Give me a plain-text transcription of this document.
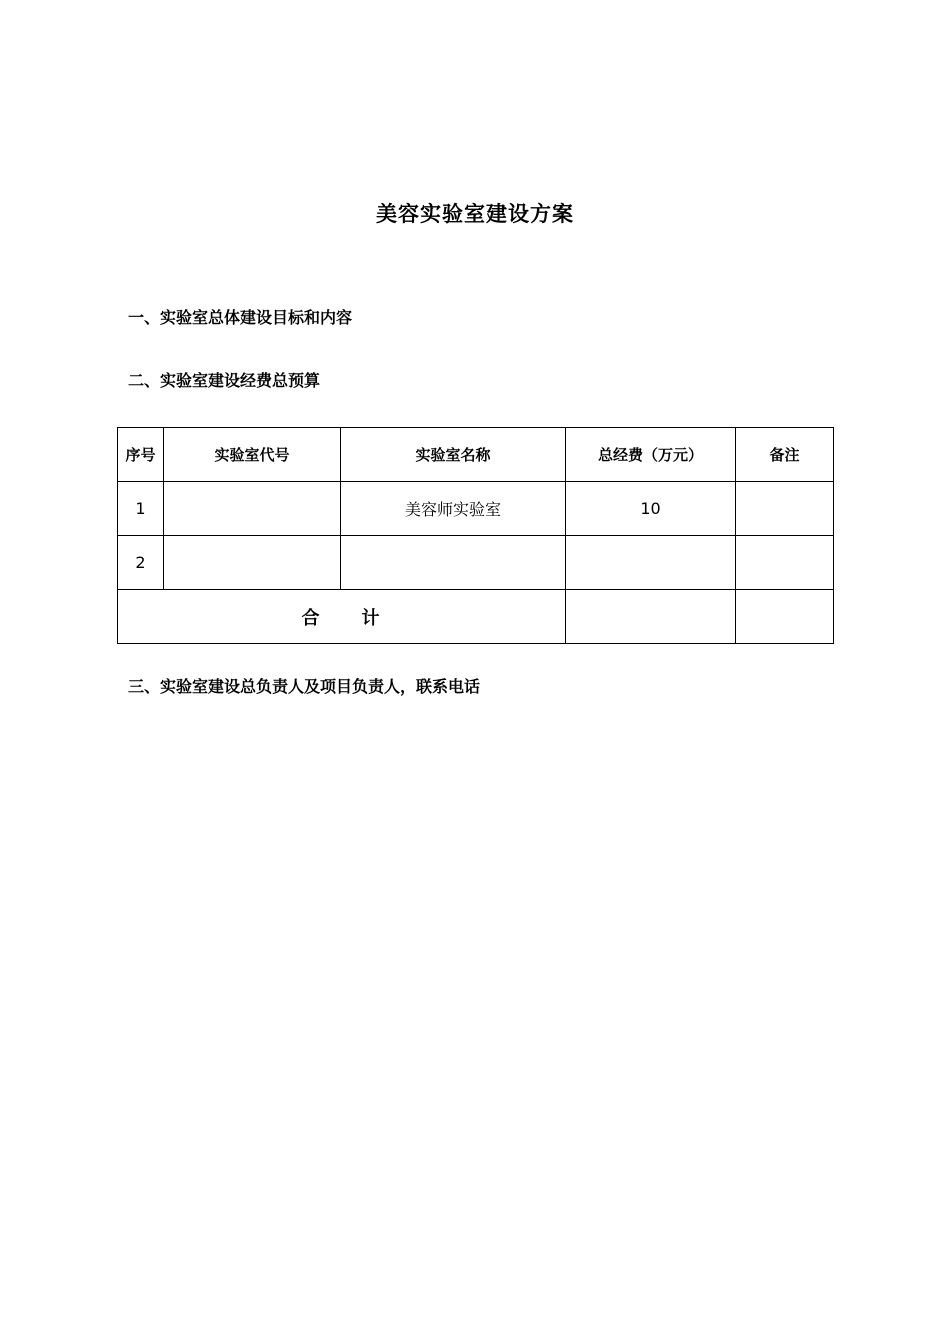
美容实验室建设方案
一、实验室总体建设目标和内容
二、实验室建设经费总预算
序号	实验室代号	实验室名称	总经费（万元）	备注
1		美容师实验室	10	
2				
合　　计				
三、实验室建设总负责人及项目负责人，联系电话
